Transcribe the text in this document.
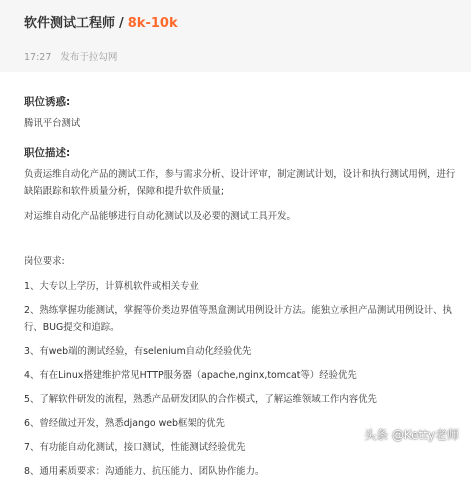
软件测试工程师 / 8k-10k
17:27 发布于拉勾网

职位诱惑:

腾讯平台测试

职位描述:

负责运维自动化产品的测试工作，参与需求分析、设计评审，制定测试计划，设计和执行测试用例，进行缺陷跟踪和软件质量分析，保障和提升软件质量;

对运维自动化产品能够进行自动化测试以及必要的测试工具开发。

岗位要求:

1、大专以上学历，计算机软件或相关专业

2、熟练掌握功能测试，掌握等价类边界值等黑盒测试用例设计方法。能独立承担产品测试用例设计、执行、BUG提交和追踪。

3、有web端的测试经验，有selenium自动化经验优先

4、有在Linux搭建维护常见HTTP服务器（apache,nginx,tomcat等）经验优先

5、了解软件研发的流程，熟悉产品研发团队的合作模式，了解运维领域工作内容优先

6、曾经做过开发，熟悉django web框架的优先

7、有功能自动化测试，接口测试，性能测试经验优先

8、通用素质要求：沟通能力、抗压能力、团队协作能力。

头条 @Ketty老师
